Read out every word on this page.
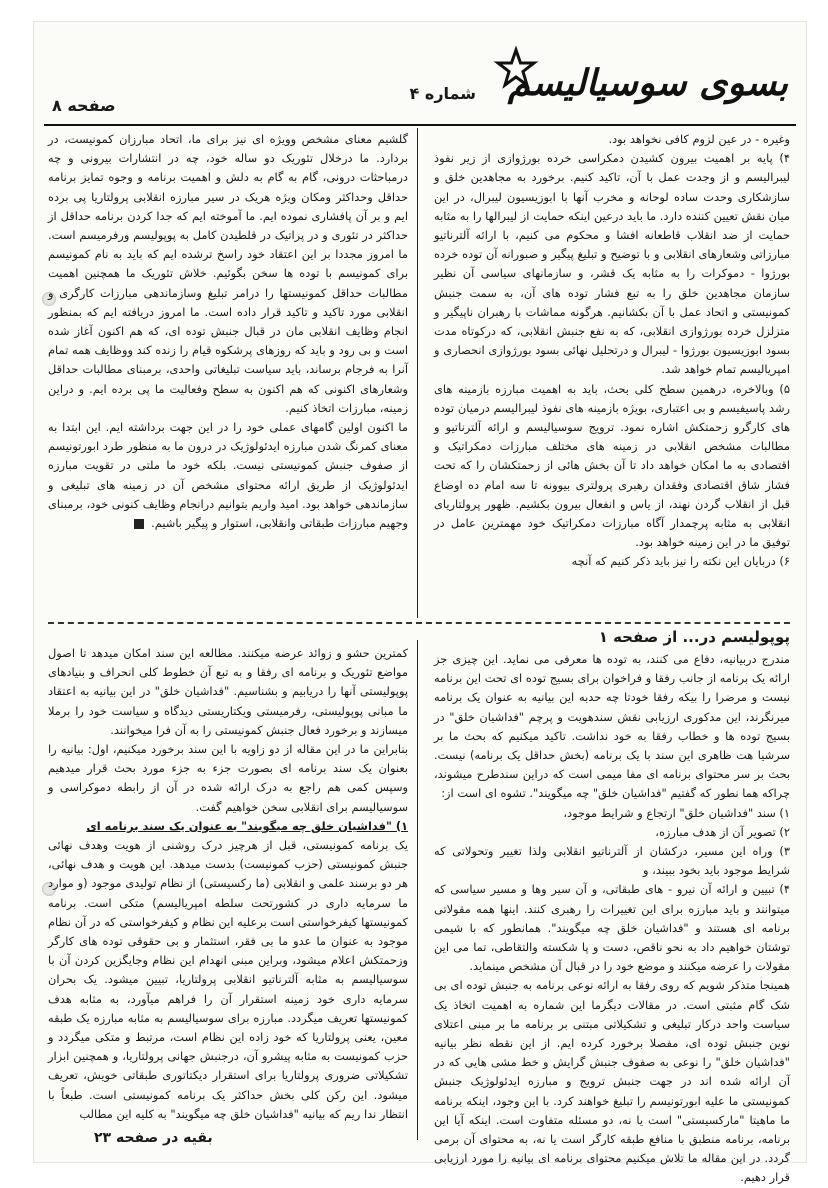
بسوی سوسیالیسم
شماره ۴
صفحه ۸

وغیره - در عین لزوم کافی نخواهد بود.

۴) پایه بر اهمیت بیرون کشیدن دمکراسی خرده بورژوازی از زیر نفوذ لیبرالیسم و از وجدت عمل با آن، تاکید کنیم. برخورد به مجاهدین خلق و سازشکاری وحدت ساده لوحانه و مخرب آنها با ابوزیسیون لیبرال، در این میان نقش تعیین کننده دارد. ما باید درعین اینکه حمایت از لیبرالها را به مثابه حمایت از ضد انقلاب قاطعانه افشا و محکوم می کنیم، با ارائه آلترناتیو مبارزاتی وشعارهای انقلابی و با توضیح و تبلیغ پیگیر و صبورانه آن توده خرده بورژوا - دموکرات را به مثابه یک قشر، و سازمانهای سیاسی آن نظیر سازمان مجاهدین خلق را به تبع فشار توده های آن، به سمت جنبش کمونیستی و اتحاد عمل با آن بکشانیم. هرگونه مماشات با رهبران ناپیگیر و متزلزل خرده بورژوازی انقلابی، که به نفع جنبش انقلابی، که درکوتاه مدت بسود ابوزیسیون بورژوا - لیبرال و درتحلیل نهائی بسود بورژوازی انحصاری و امپریالیسم تمام خواهد شد.

۵) وبالاخره، درهمین سطح کلی بحث، باید به اهمیت مبارزه بازمینه های رشد پاسیفیسم و بی اعتباری، بویژه بازمینه های نفوذ لیبرالیسم درمیان توده های کارگرو زحمتکش اشاره نمود. ترویج سوسیالیسم و ارائه آلترناتیو و مطالبات مشخص انقلابی در زمینه های مختلف مبارزات دمکراتیک و اقتصادی به ما امکان خواهد داد تا آن بخش هائی از زحمتکشان را که تحت فشار شاق اقتصادی وفقدان رهبری پرولتری بیوونه تا سه امام ده اوضاع قبل از انقلاب گردن نهند، از یاس و انفعال بیرون بکشیم. ظهور پرولتاریای انقلابی به مثابه پرچمدار آگاه مبارزات دمکراتیک خود مهمترین عامل در توفیق ما در این زمینه خواهد بود.

۶) دربایان این نکته را نیز باید ذکر کنیم که آنچه

گلشیم معنای مشخص وویژه ای نیز برای ما، اتحاد مبارزان کمونیست، در بردارد. ما درخلال تئوریک دو ساله خود، چه در انتشارات بیرونی و چه درمباحثات درونی، گام به گام به دلش و اهمیت برنامه و وجوه تمایز برنامه حداقل وحداکثر ومکان ویژه هریک در سیر مبارزه انقلابی پرولتاریا پی برده ایم و بر آن پافشاری نموده ایم. ما آموخته ایم که جدا کردن برنامه حداقل از حداکثر در تئوری و در پراتیک در قلطیدن کامل به پوپولیسم ورفرمیسم است. ما امروز مجددا بر این اعتقاد خود راسخ ترشده ایم که باید به نام کمونیسم برای کمونیسم با توده ها سخن بگوئیم. خلاش تئوریک ما همچنین اهمیت مطالبات حداقل کمونیستها را درامر تبلیغ وسازماندهی مبارزات کارگری و انقلابی مورد تاکید و تاکید قرار داده است. ما امروز دریافته ایم که بمنظور انجام وظایف انقلابی مان در قبال جنبش توده ای، که هم اکنون آغاز شده است و بی رود و باید که روزهای پرشکوه قیام را زنده کند ووظایف همه تمام آنرا به فرجام برساند، باید سیاست تبلیغاتی واحدی، برمبنای مطالبات حداقل وشعارهای اکنونی که هم اکنون به سطح وفعالیت ما پی برده ایم. و دراین زمینه، مبارزات اتخاذ کنیم.

ما اکنون اولین گامهای عملی خود را در این جهت برداشته ایم. این ابتدا به معنای کمرنگ شدن مبارزه ایدئولوژیک در درون ما به منظور طرد ابورتونیسم از صفوف جنبش کمونیستی نیست. بلکه خود ما ملتی در تقویت مبارزه ایدئولوژیک از طریق ارائه محتوای مشخص آن در زمینه های تبلیغی و سازماندهی خواهد بود. امید واریم بتوانیم درانجام وظایف کنونی خود، برمبنای وجهیم مبارزات طبقاتی وانقلابی، استوار و پیگیر باشیم.

پوپولیسم در... از صفحه ۱

مندرج دربیانیه، دفاع می کنند، به توده ها معرفی می نماید. این چیزی جز ارائه یک برنامه از جانب رفقا و فراخوان برای بسیج توده ای تحت این برنامه نیست و مرضرا را بیکه رفقا خودتا چه حدبه این بیانیه به عنوان یک برنامه میرنگرند، این مدکوری ارزیابی نقش سندهویت و پرچم "فداشیان خلق" در بسیج توده ها و خطاب رفقا به خود نداشت. تاکید میکنیم که بحث ما بر سرشیا هت ظاهری این سند با یک برنامه (بخش حداقل یک برنامه) نیست. بحث بر سر محتوای برنامه ای مفا میمی است که دراین سندطرح میشوند، چراکه هما نطور که گفتیم "فداشیان خلق" چه میگویند". تشوه ای است از:

۱) سند "فداشیان خلق" ارتجاع و شرایط موجود،

۲) تصویر آن از هدف مبارزه،

۳) وراه این مسیر، درکشان از آلترناتیو انقلابی ولذا تغییر وتحولاتی که شرایط موجود باید بخود ببیند، و

۴) تبیین و ارائه آن نیرو - های طبقاتی، و آن سیر وها و مسیر سیاسی که میتوانند و باید مبارزه برای این تغییرات را رهبری کنند. اینها همه مقولاتی برنامه ای هستند و "فداشیان خلق چه میگویند". همانطور که با شیمی توشتان خواهیم داد به نحو ناقص، دست و پا شکسته والتقاطی، تما می این مقولات را عرضه میکنند و موضع خود را در قبال آن مشخص مینماید.

همینجا متذکر شویم که روی رفقا به ارائه نوعی برنامه به جنبش توده ای بی شک گام مثبتی است. در مقالات دیگرما این شماره به اهمیت اتخاذ یک سیاست واحد درکار تبلیغی و تشکیلاتی مبتنی بر برنامه ما بر مبنی اعتلای نوین جنبش توده ای، مفصلا برخورد کرده ایم. از این نقطه نظر بیانیه "فداشیان خلق" را نوعی به صفوف جنبش گرایش و خط مشی هایی که در آن ارائه شده اند در جهت جنبش ترویج و مبارزه ایدئولوژیک جنبش کمونیستی ما علیه ابورتونیسم را تبلیغ خواهند کرد. با این وجود، اینکه برنامه ما ماهیتا "مارکسیستی" است یا نه، دو مسئله متفاوت است. اینکه آیا این برنامه، برنامه منطبق با منافع طبقه کارگر است یا نه، به محتوای آن برمی گردد. در این مقاله ما تلاش میکنیم محتوای برنامه ای بیانیه را مورد ارزیابی قرار دهیم.

کمترین حشو و زوائد عرضه میکنند. مطالعه این سند امکان میدهد تا اصول مواضع تئوریک و برنامه ای رفقا و به تبع آن خطوط کلی انحراف و بنیادهای پوپولیستی آنها را دریابیم و بشناسیم. "فداشیان خلق" در این بیانیه به اعتقاد ما مبانی پوپولیستی، رفرمیستی ویکتاریستی دیدگاه و سیاست خود را برملا میسازند و برخورد فعال جنبش کمونیستی را به آن فرا میخوانند.

بنابراین ما در این مقاله از دو زاویه با این سند برخورد میکنیم، اول: بیانیه را بعنوان یک سند برنامه ای بصورت جزء به جزء مورد بحث قرار میدهیم وسپس کمی هم راجع به درک ارائه شده در آن از رابطه دموکراسی و سوسیالیسم برای انقلابی سخن خواهیم گفت.

۱) "فداشیان خلق چه میگویند" به عنوان یک سند برنامه ای

یک برنامه کمونیستی، قبل از هرچیز درک روشنی از هویت وهدف نهائی جنبش کمونیستی (حزب کمونیست) بدست میدهد. این هویت و هدف نهائی، هر دو برسند علمی و انقلابی (ما رکسیستی) از نظام تولیدی موجود (و موارد ما سرمایه داری در کشورتحت سلطه امپریالیسم) متکی است. برنامه کمونیستها کیفرخواستی است برعلیه این نظام و کیفرخواستی که در آن نظام موجود به عنوان ما عدو ما بی فقر، استثمار و بی حقوقی توده های کارگر وزحمتکش اعلام میشود، وبراین مبنی انهدام این نظام وجایگزین کردن آن با سوسیالیسم به مثابه آلترناتیو انقلابی پرولتاریا، تبیین میشود. یک بحران سرمایه داری خود زمینه استقرار آن را فراهم میآورد، به مثابه هدف کمونیستها تعریف میگردد. مبارزه برای سوسیالیسم به مثابه مبارزه یک طبقه معین، یعنی پرولتاریا که خود زاده این نظام است، مرتبط و متکی میگردد و حزب کمونیست به مثابه پیشرو آن، درجنبش جهانی پرولتاریا، و همچنین ابزار تشکیلاتی ضروری پرولتاریا برای استقرار دیکتاتوری طبقاتی خویش، تعریف میشود. این رکن کلی بخش حداکثر یک برنامه کمونیستی است. طبعاً با انتظار ندا ریم که بیانیه "فداشیان خلق چه میگویند" به کلیه این مطالب

بقیه در صفحه ۲۳
